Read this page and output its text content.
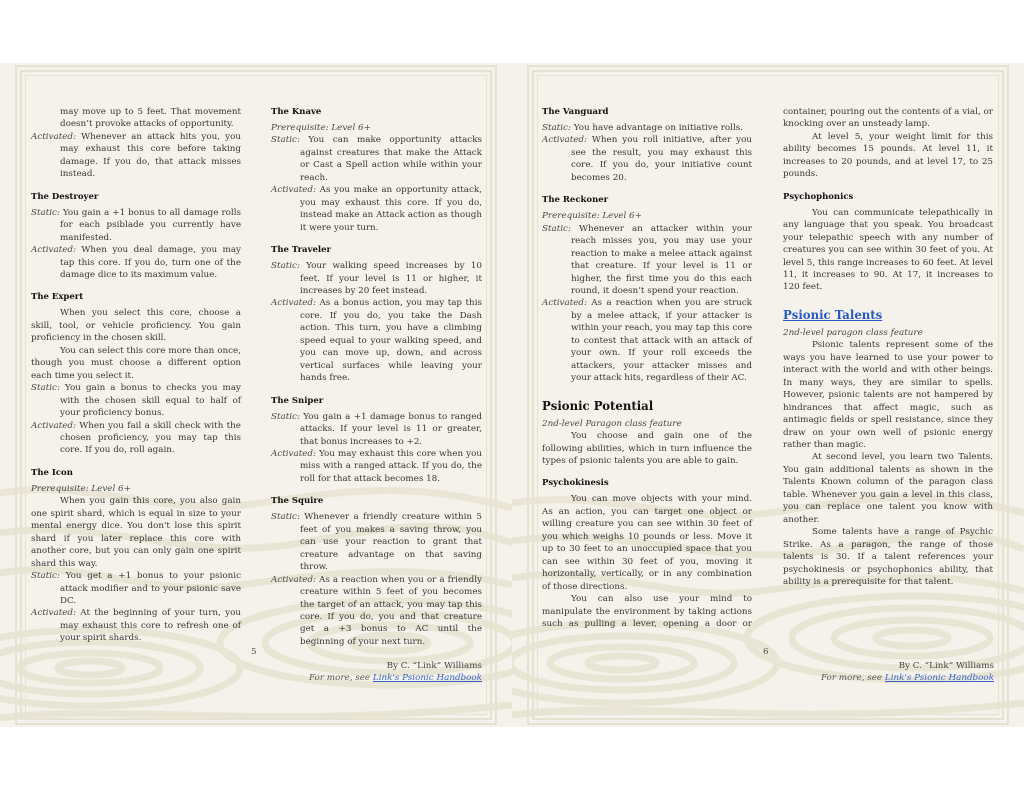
may move up to 5 feet. That movement doesn’t provoke attacks of opportunity.

Activated: Whenever an attack hits you, you may exhaust this core before taking damage. If you do, that attack misses instead.

The Destroyer

Static: You gain a +1 bonus to all damage rolls for each psiblade you currently have manifested.

Activated: When you deal damage, you may tap this core. If you do, turn one of the damage dice to its maximum value.

The Expert

When you select this core, choose a skill, tool, or vehicle proficiency. You gain proficiency in the chosen skill.

You can select this core more than once, though you must choose a different option each time you select it.

Static: You gain a bonus to checks you may with the chosen skill equal to half of your proficiency bonus.

Activated: When you fail a skill check with the chosen proficiency, you may tap this core. If you do, roll again.

The Icon

Prerequisite: Level 6+

When you gain this core, you also gain one spirit shard, which is equal in size to your mental energy dice. You don't lose this spirit shard if you later replace this core with another core, but you can only gain one spirit shard this way.

Static: You get a +1 bonus to your psionic attack modifier and to your psionic save DC.

Activated: At the beginning of your turn, you may exhaust this core to refresh one of your spirit shards.

The Knave

Prerequisite: Level 6+

Static: You can make opportunity attacks against creatures that make the Attack or Cast a Spell action while within your reach.

Activated: As you make an opportunity attack, you may exhaust this core. If you do, instead make an Attack action as though it were your turn.

The Traveler

Static: Your walking speed increases by 10 feet. If your level is 11 or higher, it increases by 20 feet instead.

Activated: As a bonus action, you may tap this core. If you do, you take the Dash action. This turn, you have a climbing speed equal to your walking speed, and you can move up, down, and across vertical surfaces while leaving your hands free.

The Sniper

Static: You gain a +1 damage bonus to ranged attacks. If your level is 11 or greater, that bonus increases to +2.

Activated: You may exhaust this core when you miss with a ranged attack. If you do, the roll for that attack becomes 18.

The Squire

Static: Whenever a friendly creature within 5 feet of you makes a saving throw, you can use your reaction to grant that creature advantage on that saving throw.

Activated: As a reaction when you or a friendly creature within 5 feet of you becomes the target of an attack, you may tap this core. If you do, you and that creature get a +3 bonus to AC until the beginning of your next turn.

5
By C. “Link” Williams
For more, see Link's Psionic Handbook
The Vanguard

Static: You have advantage on initiative rolls.

Activated: When you roll initiative, after you see the result, you may exhaust this core. If you do, your initiative count becomes 20.

The Reckoner

Prerequisite: Level 6+

Static: Whenever an attacker within your reach misses you, you may use your reaction to make a melee attack against that creature. If your level is 11 or higher, the first time you do this each round, it doesn’t spend your reaction.

Activated: As a reaction when you are struck by a melee attack, if your attacker is within your reach, you may tap this core to contest that attack with an attack of your own. If your roll exceeds the attackers, your attacker misses and your attack hits, regardless of their AC.

Psionic Potential

2nd-level Paragon class feature

You choose and gain one of the following abilities, which in turn influence the types of psionic talents you are able to gain.

Psychokinesis

You can move objects with your mind. As an action, you can target one object or willing creature you can see within 30 feet of you which weighs 10 pounds or less. Move it up to 30 feet to an unoccupied space that you can see within 30 feet of you, moving it horizontally, vertically, or in any combination of those directions.

You can also use your mind to manipulate the environment by taking actions such as pulling a lever, opening a door or

container, pouring out the contents of a vial, or knocking over an unsteady lamp.

At level 5, your weight limit for this ability becomes 15 pounds. At level 11, it increases to 20 pounds, and at level 17, to 25 pounds.

Psychophonics

You can communicate telepathically in any language that you speak. You broadcast your telepathic speech with any number of creatures you can see within 30 feet of you. At level 5, this range increases to 60 feet. At level 11, it increases to 90. At 17, it increases to 120 feet.

Psionic Talents

2nd-level paragon class feature

Psionic talents represent some of the ways you have learned to use your power to interact with the world and with other beings. In many ways, they are similar to spells. However, psionic talents are not hampered by hindrances that affect magic, such as antimagic fields or spell resistance, since they draw on your own well of psionic energy rather than magic.

At second level, you learn two Talents. You gain additional talents as shown in the Talents Known column of the paragon class table. Whenever you gain a level in this class, you can replace one talent you know with another.

Some talents have a range of Psychic Strike. As a paragon, the range of those talents is 30. If a talent references your psychokinesis or psychophonics ability, that ability is a prerequisite for that talent.

6
By C. “Link” Williams
For more, see Link's Psionic Handbook
